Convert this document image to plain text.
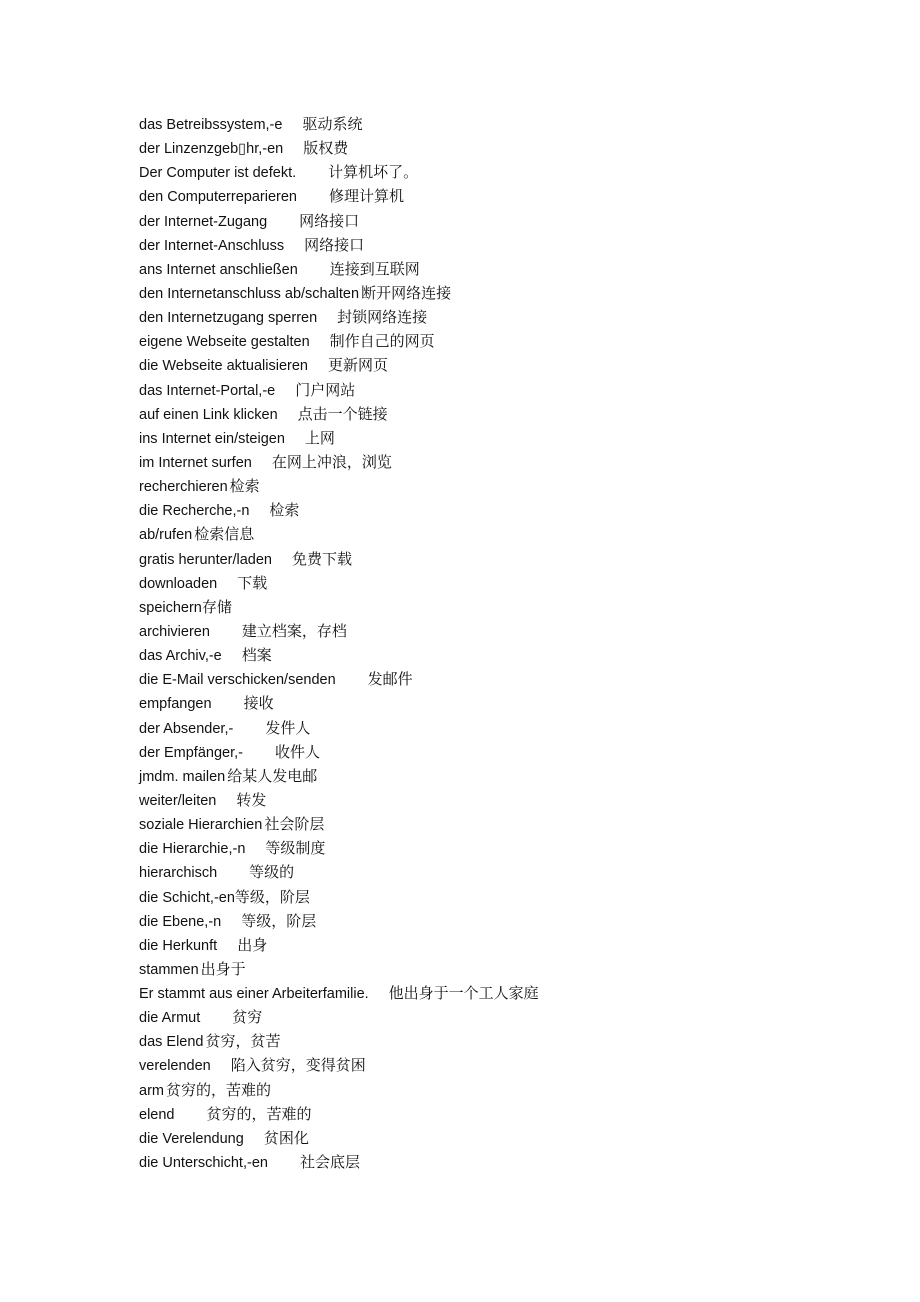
das Betreibssystem,-e 驱动系统
der Linzenzgeb▯hr,-en 版权费
Der Computer ist defekt. 计算机坏了。
den Computerreparieren 修理计算机
der Internet-Zugang 网络接口
der Internet-Anschluss 网络接口
ans Internet anschließen 连接到互联网
den Internetanschluss ab/schalten 断开网络连接
den Internetzugang sperren 封锁网络连接
eigene Webseite gestalten 制作自己的网页
die Webseite aktualisieren 更新网页
das Internet-Portal,-e 门户网站
auf einen Link klicken 点击一个链接
ins Internet ein/steigen 上网
im Internet surfen 在网上冲浪，浏览
recherchieren 检索
die Recherche,-n 检索
ab/rufen 检索信息
gratis herunter/laden 免费下载
downloaden 下载
speichern存储
archivieren 建立档案，存档
das Archiv,-e 档案
die E-Mail verschicken/senden 发邮件
empfangen 接收
der Absender,- 发件人
der Empfänger,- 收件人
jmdm. mailen 给某人发电邮
weiter/leiten 转发
soziale Hierarchien 社会阶层
die Hierarchie,-n 等级制度
hierarchisch 等级的
die Schicht,-en等级，阶层
die Ebene,-n 等级，阶层
die Herkunft 出身
stammen 出身于
Er stammt aus einer Arbeiterfamilie. 他出身于一个工人家庭
die Armut 贫穷
das Elend 贫穷，贫苦
verelenden 陷入贫穷，变得贫困
arm 贫穷的，苦难的
elend 贫穷的，苦难的
die Verelendung 贫困化
die Unterschicht,-en 社会底层
